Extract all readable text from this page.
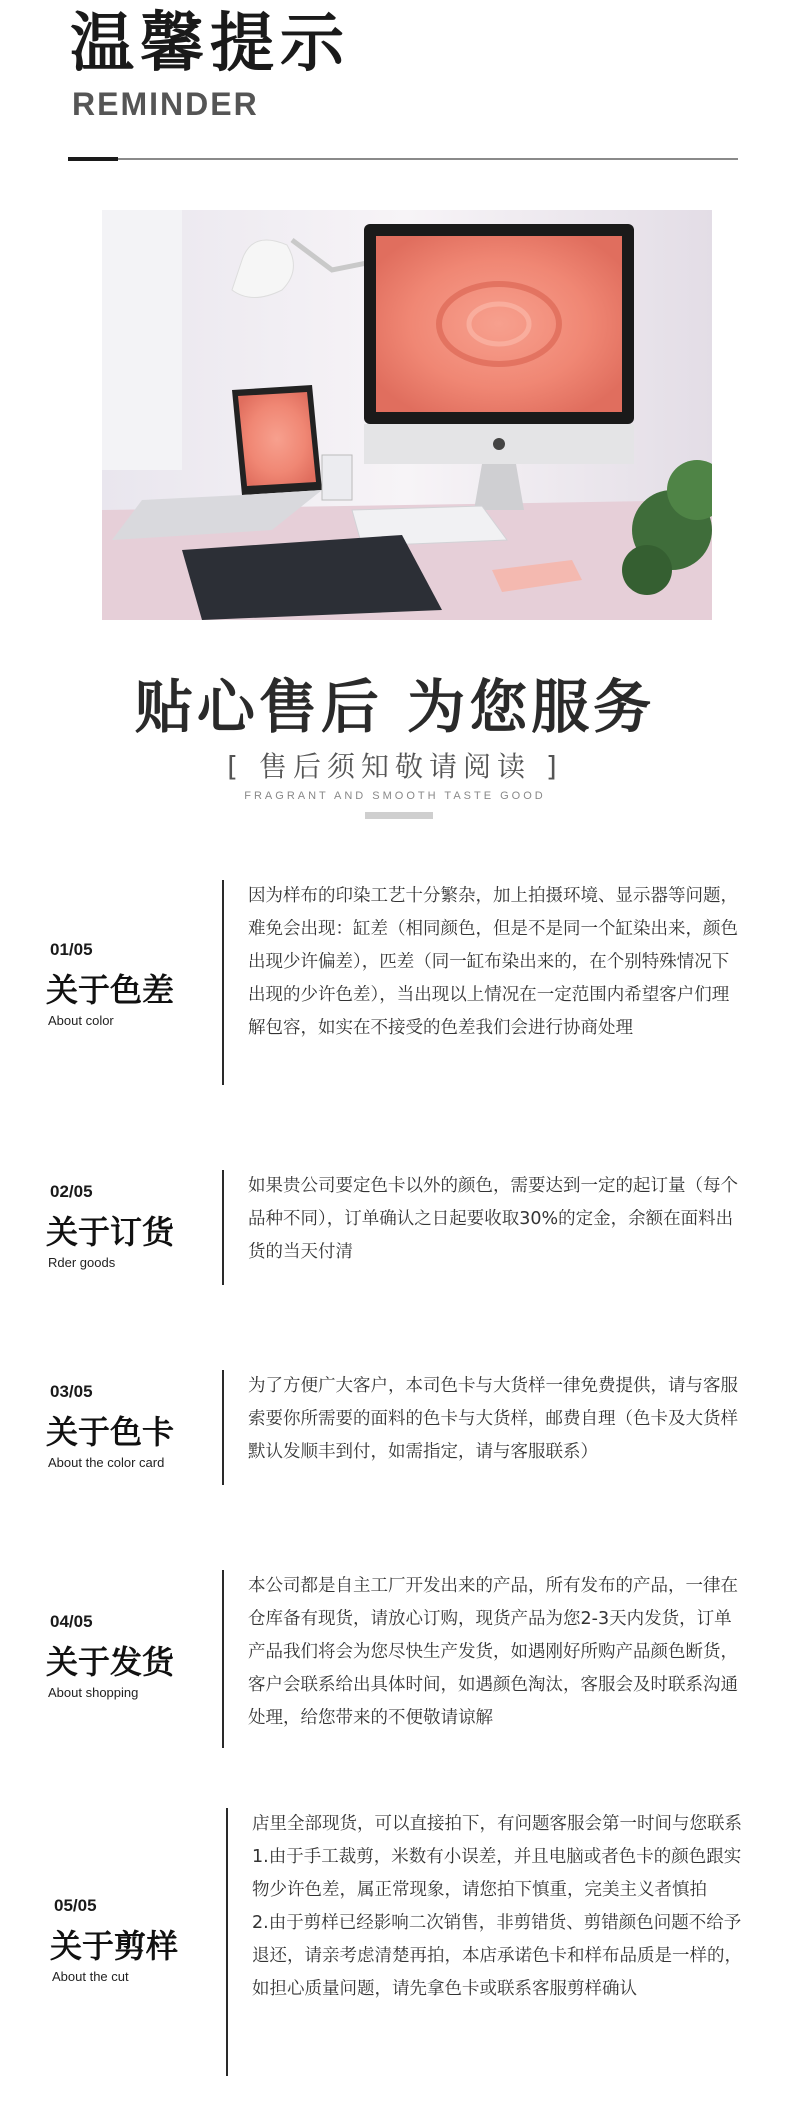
温馨提示
REMINDER
贴心售后 为您服务
[ 售后须知敬请阅读 ]
FRAGRANT AND SMOOTH TASTE GOOD
01/05
关于色差
About color

因为样布的印染工艺十分繁杂，加上拍摄环境、显示器等问题，难免会出现：缸差（相同颜色，但是不是同一个缸染出来，颜色出现少许偏差），匹差（同一缸布染出来的，在个别特殊情况下出现的少许色差），当出现以上情况在一定范围内希望客户们理解包容，如实在不接受的色差我们会进行协商处理

02/05
关于订货
Rder goods

如果贵公司要定色卡以外的颜色，需要达到一定的起订量（每个品种不同），订单确认之日起要收取30%的定金，余额在面料出货的当天付清

03/05
关于色卡
About the color card

为了方便广大客户，本司色卡与大货样一律免费提供，请与客服索要你所需要的面料的色卡与大货样，邮费自理（色卡及大货样默认发顺丰到付，如需指定，请与客服联系）

04/05
关于发货
About shopping

本公司都是自主工厂开发出来的产品，所有发布的产品，一律在仓库备有现货，请放心订购，现货产品为您2-3天内发货，订单产品我们将会为您尽快生产发货，如遇刚好所购产品颜色断货，客户会联系给出具体时间，如遇颜色淘汰，客服会及时联系沟通处理，给您带来的不便敬请谅解

05/05
关于剪样
About the cut

店里全部现货，可以直接拍下，有问题客服会第一时间与您联系

1.由于手工裁剪，米数有小误差，并且电脑或者色卡的颜色跟实物少许色差，属正常现象，请您拍下慎重，完美主义者慎拍

2.由于剪样已经影响二次销售，非剪错货、剪错颜色问题不给予退还，请亲考虑清楚再拍，本店承诺色卡和样布品质是一样的，如担心质量问题，请先拿色卡或联系客服剪样确认
